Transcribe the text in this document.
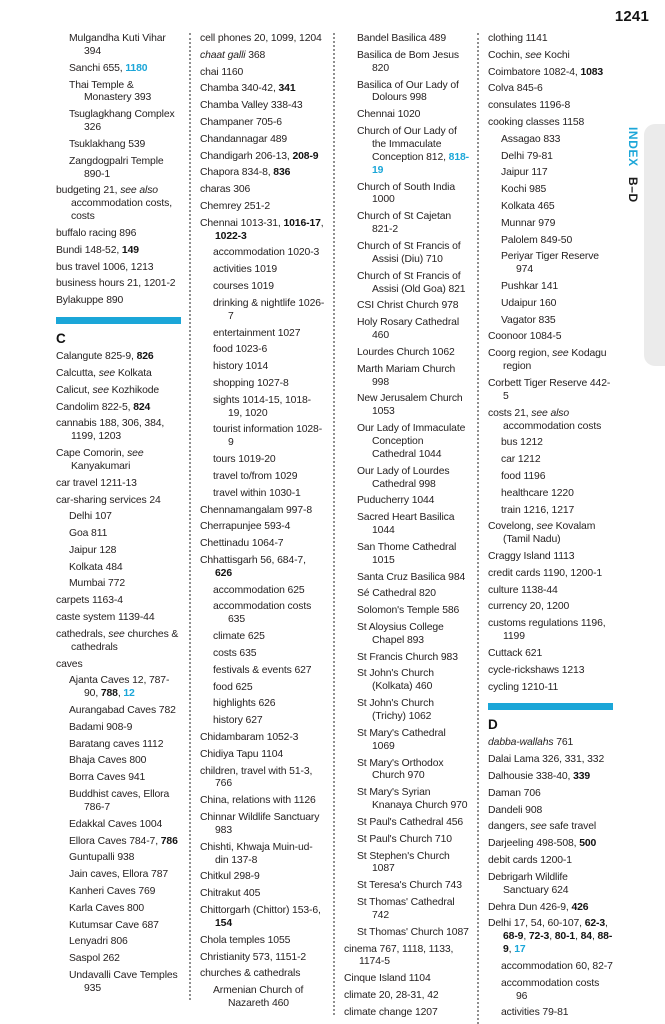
1241
Mulgandha Kuti Vihar 394
Sanchi 655, 1180
Thai Temple & Monastery 393
Tsuglagkhang Complex 326
Tsuklakhang 539
Zangdogpalri Temple 890-1
budgeting 21, see also accommodation costs, costs
buffalo racing 896
Bundi 148-52, 149
bus travel 1006, 1213
business hours 21, 1201-2
Bylakuppe 890
C
Calangute 825-9, 826
Calcutta, see Kolkata
Calicut, see Kozhikode
Candolim 822-5, 824
cannabis 188, 306, 384, 1199, 1203
Cape Comorin, see Kanyakumari
car travel 1211-13
car-sharing services 24
Delhi 107
Goa 811
Jaipur 128
Kolkata 484
Mumbai 772
carpets 1163-4
caste system 1139-44
cathedrals, see churches & cathedrals
caves
Ajanta Caves 12, 787-90, 788, 12
Aurangabad Caves 782
Badami 908-9
Baratang caves 1112
Bhaja Caves 800
Borra Caves 941
Buddhist caves, Ellora 786-7
Edakkal Caves 1004
Ellora Caves 784-7, 786
Guntupalli 938
Jain caves, Ellora 787
Kanheri Caves 769
Karla Caves 800
Kutumsar Cave 687
Lenyadri 806
Saspol 262
Undavalli Cave Temples 935
cell phones 20, 1099, 1204
chaat galli 368
chai 1160
Chamba 340-42, 341
Chamba Valley 338-43
Champaner 705-6
Chandannagar 489
Chandigarh 206-13, 208-9
Chapora 834-8, 836
charas 306
Chemrey 251-2
Chennai 1013-31, 1016-17, 1022-3
accommodation 1020-3
activities 1019
courses 1019
drinking & nightlife 1026-7
entertainment 1027
food 1023-6
history 1014
shopping 1027-8
sights 1014-15, 1018-19, 1020
tourist information 1028-9
tours 1019-20
travel to/from 1029
travel within 1030-1
Chennamangalam 997-8
Cherrapunjee 593-4
Chettinadu 1064-7
Chhattisgarh 56, 684-7, 626
accommodation 625
accommodation costs 635
climate 625
costs 635
festivals & events 627
food 625
highlights 626
history 627
Chidambaram 1052-3
Chidiya Tapu 1104
children, travel with 51-3, 766
China, relations with 1126
Chinnar Wildlife Sanctuary 983
Chishti, Khwaja Muin-ud-din 137-8
Chitkul 298-9
Chitrakut 405
Chittorgarh (Chittor) 153-6, 154
Chola temples 1055
Christianity 573, 1151-2
churches & cathedrals
Armenian Church of Nazareth 460
Bandel Basilica 489
Basilica de Bom Jesus 820
Basilica of Our Lady of Dolours 998
Chennai 1020
Church of Our Lady of the Immaculate Conception 812, 818-19
Church of South India 1000
Church of St Cajetan 821-2
Church of St Francis of Assisi (Diu) 710
Church of St Francis of Assisi (Old Goa) 821
CSI Christ Church 978
Holy Rosary Cathedral 460
Lourdes Church 1062
Marth Mariam Church 998
New Jerusalem Church 1053
Our Lady of Immaculate Conception Cathedral 1044
Our Lady of Lourdes Cathedral 998
Puducherry 1044
Sacred Heart Basilica 1044
San Thome Cathedral 1015
Santa Cruz Basilica 984
Sé Cathedral 820
Solomon's Temple 586
St Aloysius College Chapel 893
St Francis Church 983
St John's Church (Kolkata) 460
St John's Church (Trichy) 1062
St Mary's Cathedral 1069
St Mary's Orthodox Church 970
St Mary's Syrian Knanaya Church 970
St Paul's Cathedral 456
St Paul's Church 710
St Stephen's Church 1087
St Teresa's Church 743
St Thomas' Cathedral 742
St Thomas' Church 1087
cinema 767, 1118, 1133, 1174-5
Cinque Island 1104
climate 20, 28-31, 42
climate change 1207
clothing 1141
Cochin, see Kochi
Coimbatore 1082-4, 1083
Colva 845-6
consulates 1196-8
cooking classes 1158
Assagao 833
Delhi 79-81
Jaipur 117
Kochi 985
Kolkata 465
Munnar 979
Palolem 849-50
Periyar Tiger Reserve 974
Pushkar 141
Udaipur 160
Vagator 835
Coonoor 1084-5
Coorg region, see Kodagu region
Corbett Tiger Reserve 442-5
costs 21, see also accommodation costs
bus 1212
car 1212
food 1196
healthcare 1220
train 1216, 1217
Covelong, see Kovalam (Tamil Nadu)
Craggy Island 1113
credit cards 1190, 1200-1
culture 1138-44
currency 20, 1200
customs regulations 1196, 1199
Cuttack 621
cycle-rickshaws 1213
cycling 1210-11
D
dabba-wallahs 761
Dalai Lama 326, 331, 332
Dalhousie 338-40, 339
Daman 706
Dandeli 908
dangers, see safe travel
Darjeeling 498-508, 500
debit cards 1200-1
Debrigarh Wildlife Sanctuary 624
Dehra Dun 426-9, 426
Delhi 17, 54, 60-107, 62-3, 68-9, 72-3, 80-1, 84, 88-9, 17
accommodation 60, 82-7
accommodation costs 96
activities 79-81
INDEX B–D
